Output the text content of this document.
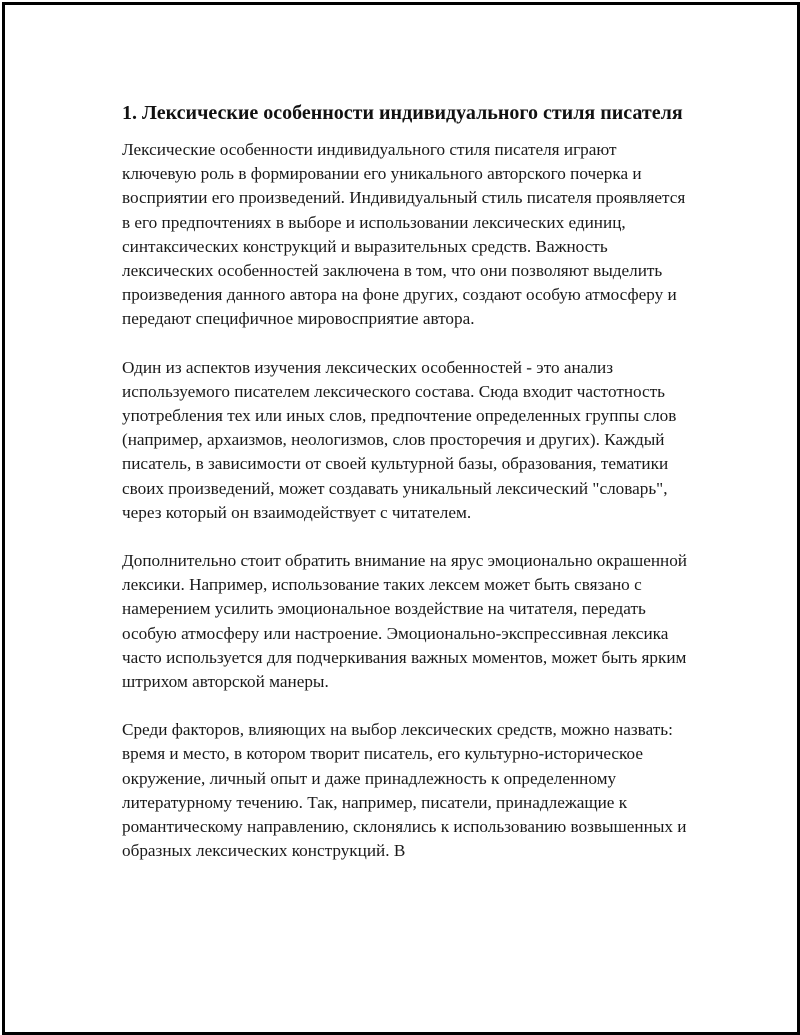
1. Лексические особенности индивидуального стиля писателя

Лексические особенности индивидуального стиля писателя играют ключевую роль в формировании его уникального авторского почерка и восприятии его произведений. Индивидуальный стиль писателя проявляется в его предпочтениях в выборе и использовании лексических единиц, синтаксических конструкций и выразительных средств. Важность лексических особенностей заключена в том, что они позволяют выделить произведения данного автора на фоне других, создают особую атмосферу и передают специфичное мировосприятие автора.

Один из аспектов изучения лексических особенностей - это анализ используемого писателем лексического состава. Сюда входит частотность употребления тех или иных слов, предпочтение определенных группы слов (например, архаизмов, неологизмов, слов просторечия и других). Каждый писатель, в зависимости от своей культурной базы, образования, тематики своих произведений, может создавать уникальный лексический "словарь", через который он взаимодействует с читателем.

Дополнительно стоит обратить внимание на ярус эмоционально окрашенной лексики. Например, использование таких лексем может быть связано с намерением усилить эмоциональное воздействие на читателя, передать особую атмосферу или настроение. Эмоционально-экспрессивная лексика часто используется для подчеркивания важных моментов, может быть ярким штрихом авторской манеры.

Среди факторов, влияющих на выбор лексических средств, можно назвать: время и место, в котором творит писатель, его культурно-историческое окружение, личный опыт и даже принадлежность к определенному литературному течению. Так, например, писатели, принадлежащие к романтическому направлению, склонялись к использованию возвышенных и образных лексических конструкций. В
